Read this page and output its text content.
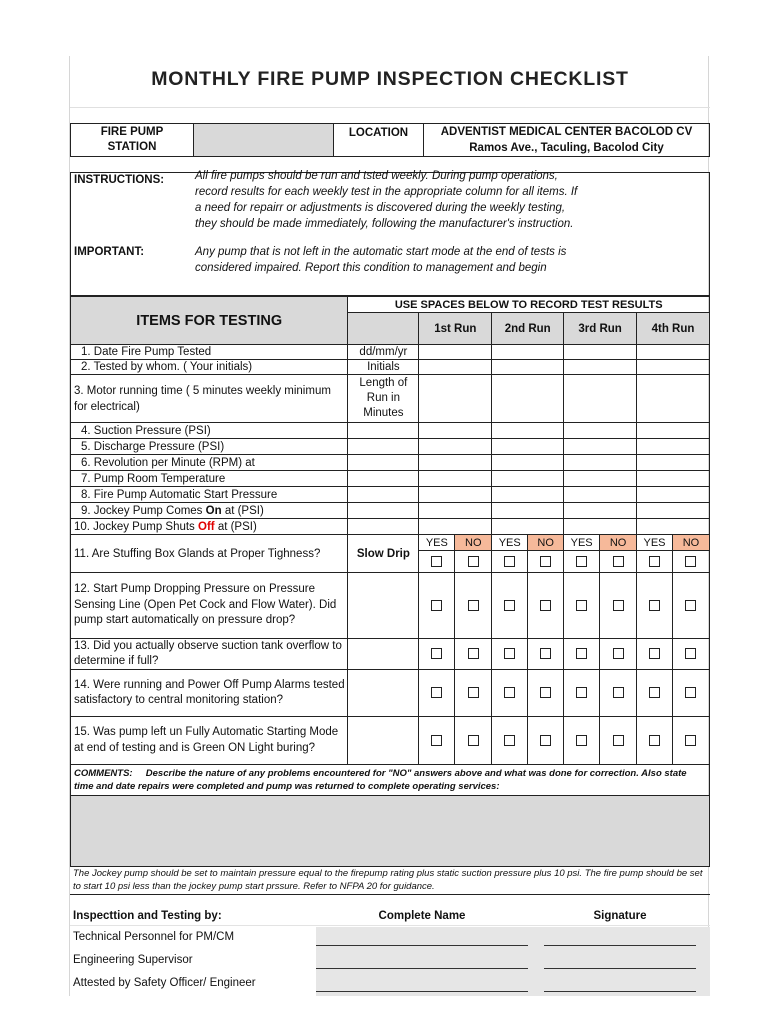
MONTHLY FIRE PUMP INSPECTION CHECKLIST
FIRE PUMP
STATION		LOCATION	ADVENTIST MEDICAL CENTER BACOLOD CV
Ramos Ave., Taculing, Bacolod City
INSTRUCTIONS:	All fire pumps should be run and tsted weekly. During pump operations,
record results for each weekly test in the appropriate column for all items. If
a need for repairr or adjustments is discovered during the weekly testing,
they should be made immediately, following the manufacturer's instruction.
IMPORTANT:	Any pump that is not left in the automatic start mode at the end of tests is
considered impaired. Report this condition to management and begin
ITEMS FOR TESTING	USE SPACES BELOW TO RECORD TEST RESULTS								
		1st Run		2nd Run		3rd Run		4th Run	
1. Date Fire Pump Tested	dd/mm/yr								
2. Tested by whom. ( Your initials)	Initials								
3. Motor running time ( 5 minutes weekly minimum for electrical)	Length of Run in Minutes								
4. Suction Pressure (PSI)									
5. Discharge Pressure (PSI)									
6. Revolution per Minute (RPM) at									
7. Pump Room Temperature									
8. Fire Pump Automatic Start Pressure									
9. Jockey Pump Comes On at (PSI)									
10. Jockey Pump Shuts Off at (PSI)									
11. Are Stuffing Box Glands at Proper Tighness?	Slow Drip	YES	NO	YES	NO	YES	NO	YES	NO

12. Start Pump Dropping Pressure on Pressure Sensing Line (Open Pet Cock and Flow Water). Did pump start automatically on pressure drop?									
13. Did you actually observe suction tank overflow to determine if full?									
14. Were running and Power Off Pump Alarms tested satisfactory to central monitoring station?									
15. Was pump left un Fully Automatic Starting Mode at end of testing and is Green ON Light buring?									
COMMENTS: Describe the nature of any problems encountered for "NO" answers above and what was done for correction. Also state time and date repairs were completed and pump was returned to complete operating services:									

The Jockey pump should be set to maintain pressure equal to the firepump rating plus static suction pressure plus 10 psi. The fire pump should be set to start 10 psi less than the jockey pump start prssure. Refer to NFPA 20 for guidance.
Inspecttion and Testing by:	Complete Name	Signature
Technical Personnel for PM/CM
Engineering Supervisor
Attested by Safety Officer/ Engineer
